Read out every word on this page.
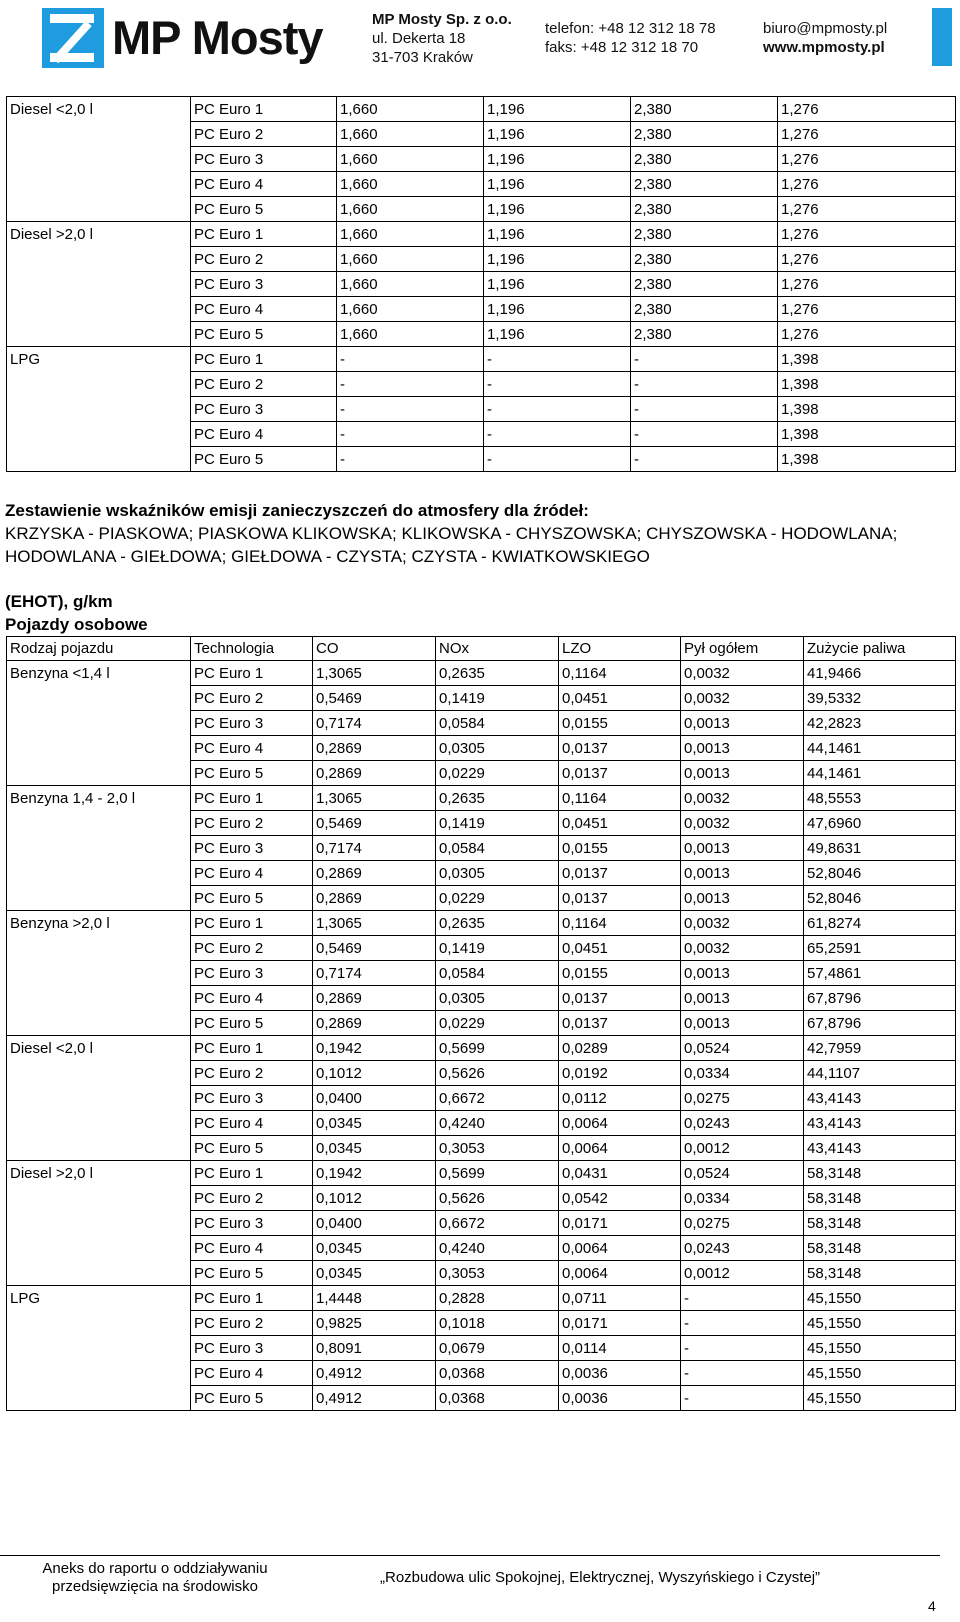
MP Mosty	MP Mosty Sp. z o.o.
ul. Dekerta 18
31-703 Kraków
telefon: +48 12 312 18 78
faks: +48 12 312 18 70
biuro@mpmosty.pl
www.mpmosty.pl
Diesel <2,0 l	PC Euro 1	1,660	1,196	2,380	1,276
	PC Euro 2	1,660	1,196	2,380	1,276
	PC Euro 3	1,660	1,196	2,380	1,276
	PC Euro 4	1,660	1,196	2,380	1,276
	PC Euro 5	1,660	1,196	2,380	1,276
Diesel >2,0 l	PC Euro 1	1,660	1,196	2,380	1,276
	PC Euro 2	1,660	1,196	2,380	1,276
	PC Euro 3	1,660	1,196	2,380	1,276
	PC Euro 4	1,660	1,196	2,380	1,276
	PC Euro 5	1,660	1,196	2,380	1,276
LPG	PC Euro 1	-	-	-	1,398
	PC Euro 2	-	-	-	1,398
	PC Euro 3	-	-	-	1,398
	PC Euro 4	-	-	-	1,398
	PC Euro 5	-	-	-	1,398
Zestawienie wskaźników emisji zanieczyszczeń do atmosfery dla źródeł:
KRZYSKA - PIASKOWA; PIASKOWA KLIKOWSKA; KLIKOWSKA - CHYSZOWSKA; CHYSZOWSKA - HODOWLANA; HODOWLANA - GIEŁDOWA; GIEŁDOWA - CZYSTA; CZYSTA - KWIATKOWSKIEGO
(EHOT), g/km
Pojazdy osobowe
Rodzaj pojazdu	Technologia	CO	NOx	LZO	Pył ogółem	Zużycie paliwa
Benzyna <1,4 l	PC Euro 1	1,3065	0,2635	0,1164	0,0032	41,9466
	PC Euro 2	0,5469	0,1419	0,0451	0,0032	39,5332
	PC Euro 3	0,7174	0,0584	0,0155	0,0013	42,2823
	PC Euro 4	0,2869	0,0305	0,0137	0,0013	44,1461
	PC Euro 5	0,2869	0,0229	0,0137	0,0013	44,1461
Benzyna 1,4 - 2,0 l	PC Euro 1	1,3065	0,2635	0,1164	0,0032	48,5553
	PC Euro 2	0,5469	0,1419	0,0451	0,0032	47,6960
	PC Euro 3	0,7174	0,0584	0,0155	0,0013	49,8631
	PC Euro 4	0,2869	0,0305	0,0137	0,0013	52,8046
	PC Euro 5	0,2869	0,0229	0,0137	0,0013	52,8046
Benzyna >2,0 l	PC Euro 1	1,3065	0,2635	0,1164	0,0032	61,8274
	PC Euro 2	0,5469	0,1419	0,0451	0,0032	65,2591
	PC Euro 3	0,7174	0,0584	0,0155	0,0013	57,4861
	PC Euro 4	0,2869	0,0305	0,0137	0,0013	67,8796
	PC Euro 5	0,2869	0,0229	0,0137	0,0013	67,8796
Diesel <2,0 l	PC Euro 1	0,1942	0,5699	0,0289	0,0524	42,7959
	PC Euro 2	0,1012	0,5626	0,0192	0,0334	44,1107
	PC Euro 3	0,0400	0,6672	0,0112	0,0275	43,4143
	PC Euro 4	0,0345	0,4240	0,0064	0,0243	43,4143
	PC Euro 5	0,0345	0,3053	0,0064	0,0012	43,4143
Diesel >2,0 l	PC Euro 1	0,1942	0,5699	0,0431	0,0524	58,3148
	PC Euro 2	0,1012	0,5626	0,0542	0,0334	58,3148
	PC Euro 3	0,0400	0,6672	0,0171	0,0275	58,3148
	PC Euro 4	0,0345	0,4240	0,0064	0,0243	58,3148
	PC Euro 5	0,0345	0,3053	0,0064	0,0012	58,3148
LPG	PC Euro 1	1,4448	0,2828	0,0711	-	45,1550
	PC Euro 2	0,9825	0,1018	0,0171	-	45,1550
	PC Euro 3	0,8091	0,0679	0,0114	-	45,1550
	PC Euro 4	0,4912	0,0368	0,0036	-	45,1550
	PC Euro 5	0,4912	0,0368	0,0036	-	45,1550
Aneks do raportu o oddziaływaniu
przedsięwzięcia na środowisko
„Rozbudowa ulic Spokojnej, Elektrycznej, Wyszyńskiego i Czystej”
4
